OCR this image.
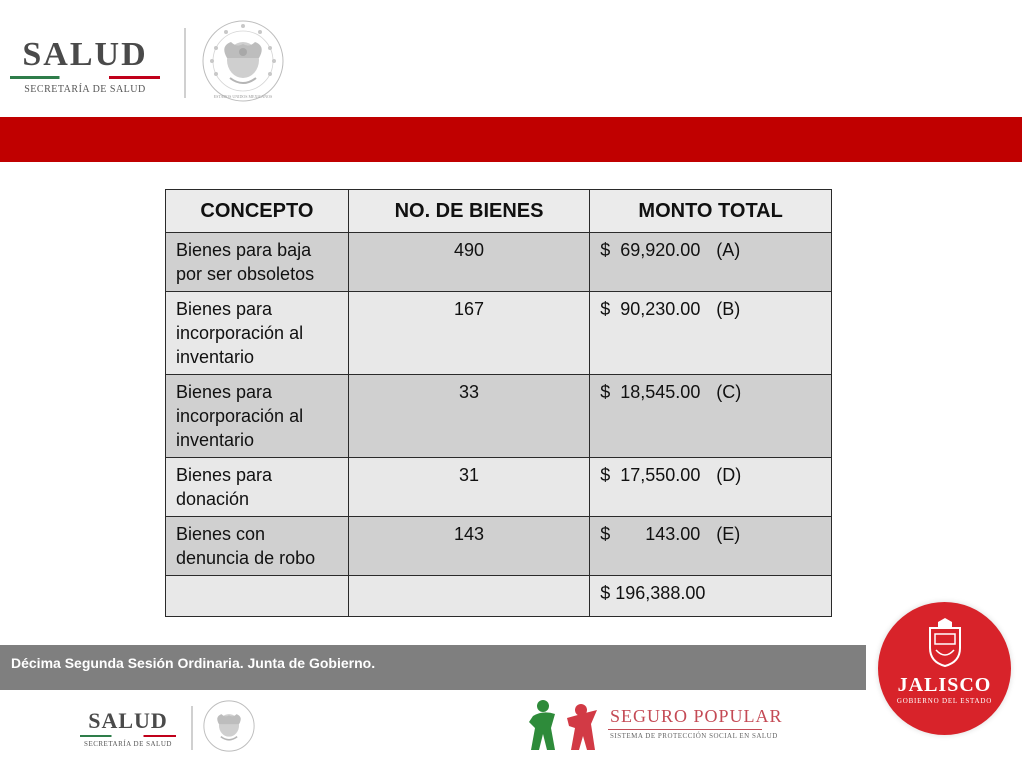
SALUD
SECRETARÍA DE SALUD
ESTADOS UNIDOS MEXICANOS
CONCEPTO	NO. DE BIENES	MONTO TOTAL
Bienes para baja por ser obsoletos	490	$ 69,920.00 (A)

Bienes para incorporación al inventario	167	$ 90,230.00 (B)

Bienes para incorporación al inventario	33	$ 18,545.00 (C)

Bienes para donación	31	$ 17,550.00 (D)

Bienes con denuncia de robo	143	$ 143.00 (E)

		$ 196,388.00
Décima Segunda Sesión Ordinaria. Junta de Gobierno.
JALISCO
GOBIERNO DEL ESTADO
SALUD
SECRETARÍA DE SALUD
SEGURO POPULAR
SISTEMA DE PROTECCIÓN SOCIAL EN SALUD
